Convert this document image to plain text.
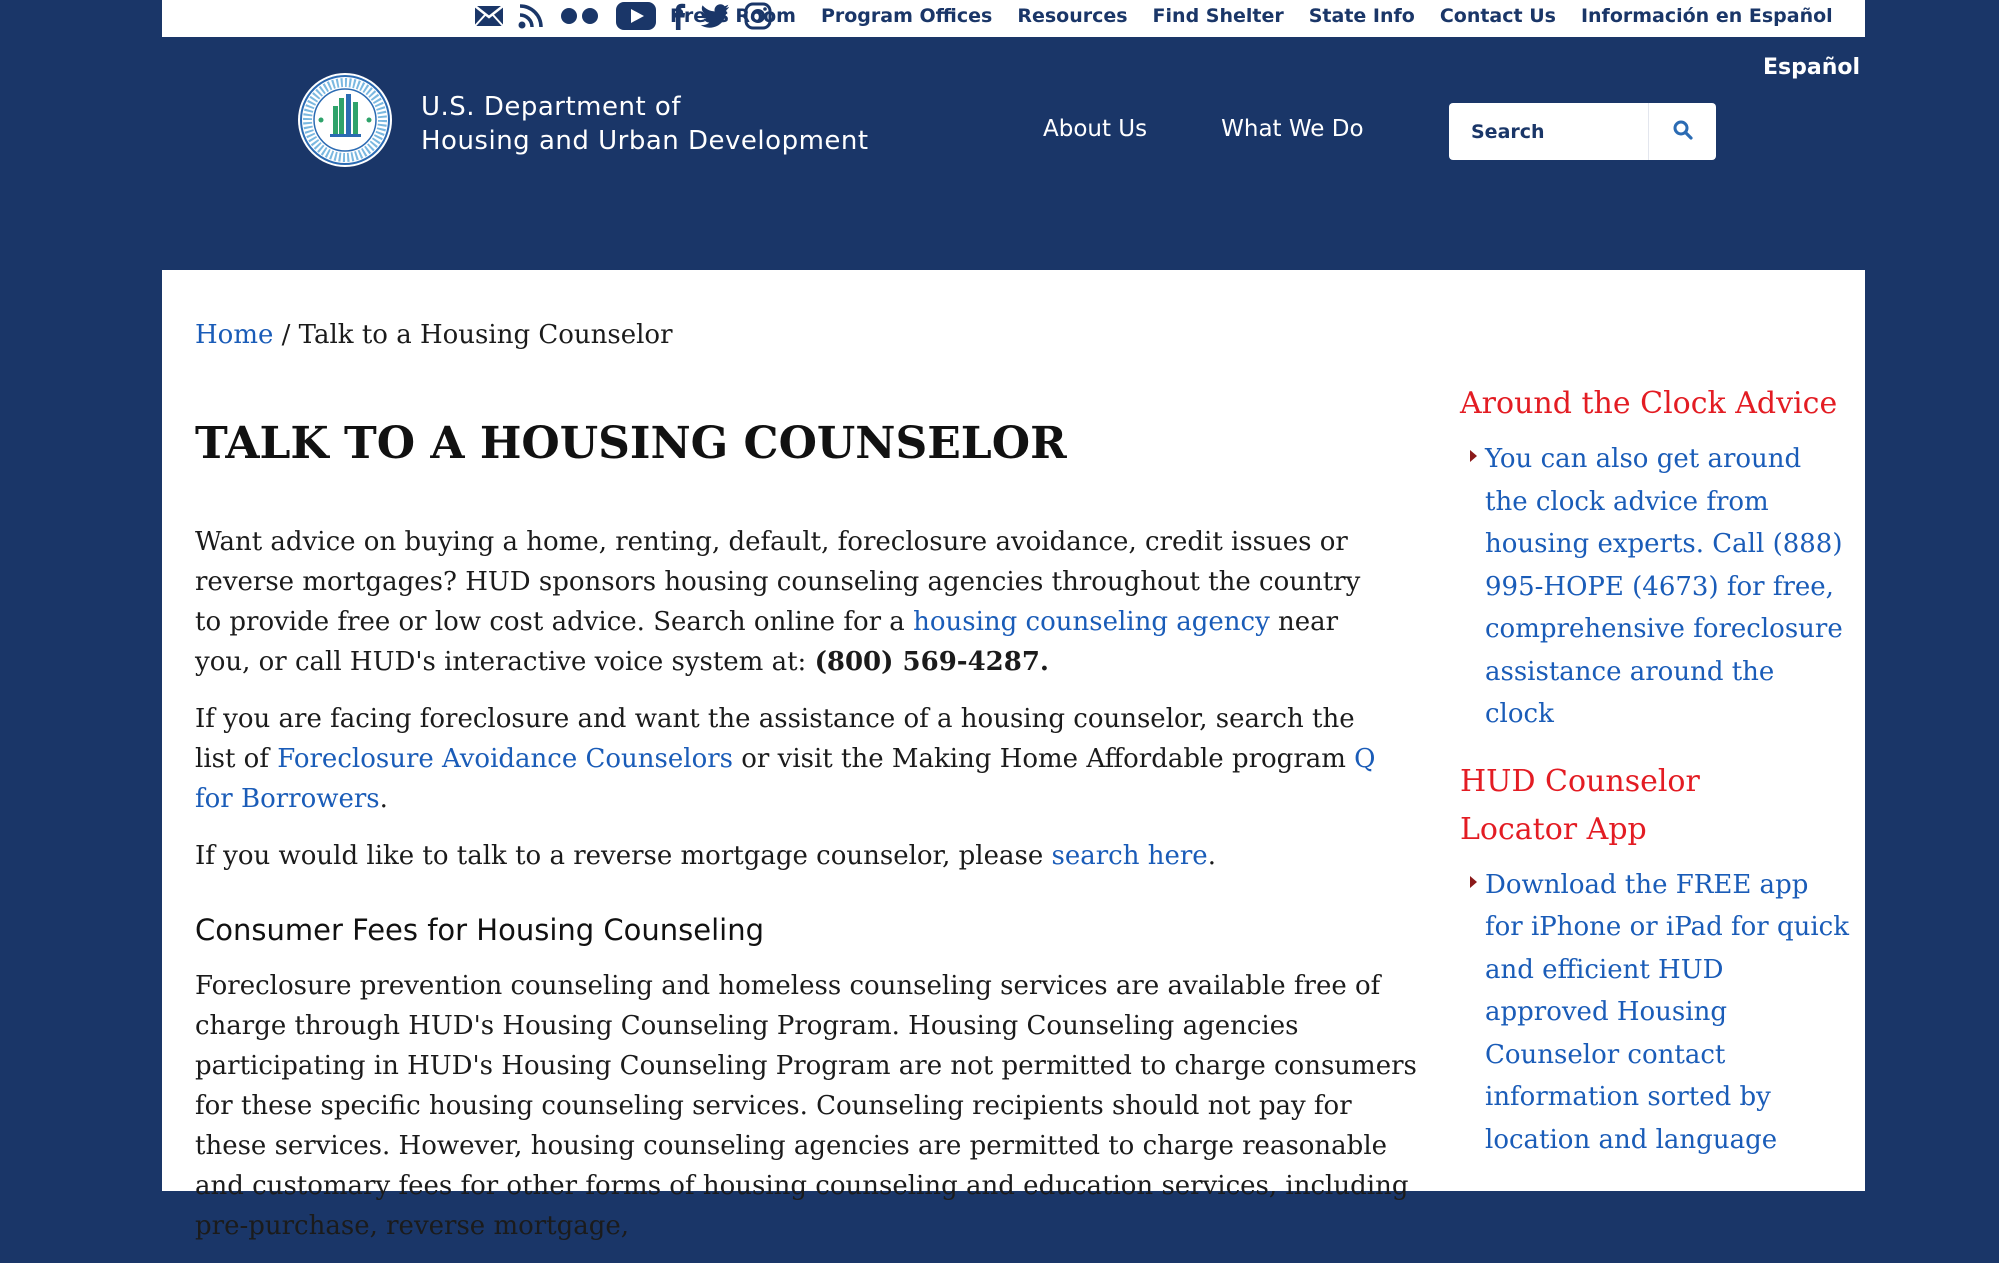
Press Room Program Offices Resources Find Shelter State Info Contact Us Información en Español
Español
U.S. Department of
Housing and Urban Development	About Us	What We Do
Search
Home / Talk to a Housing Counselor
TALK TO A HOUSING COUNSELOR

Want advice on buying a home, renting, default, foreclosure avoidance, credit issues or reverse mortgages? HUD sponsors housing counseling agencies throughout the country to provide free or low cost advice. Search online for a housing counseling agency near you, or call HUD's interactive voice system at: (800) 569-4287.

If you are facing foreclosure and want the assistance of a housing counselor, search the list of Foreclosure Avoidance Counselors or visit the Making Home Affordable program Q for Borrowers.

If you would like to talk to a reverse mortgage counselor, please search here.

Consumer Fees for Housing Counseling

Foreclosure prevention counseling and homeless counseling services are available free of charge through HUD's Housing Counseling Program. Housing Counseling agencies participating in HUD's Housing Counseling Program are not permitted to charge consumers for these specific housing counseling services. Counseling recipients should not pay for these services. However, housing counseling agencies are permitted to charge reasonable and customary fees for other forms of housing counseling and education services, including pre-purchase, reverse mortgage,

Around the Clock Advice
You can also get around the clock advice from housing experts. Call (888) 995-HOPE (4673) for free, comprehensive foreclosure assistance around the clock
HUD Counselor Locator App
Download the FREE app for iPhone or iPad for quick and efficient HUD approved Housing Counselor contact information sorted by location and language
